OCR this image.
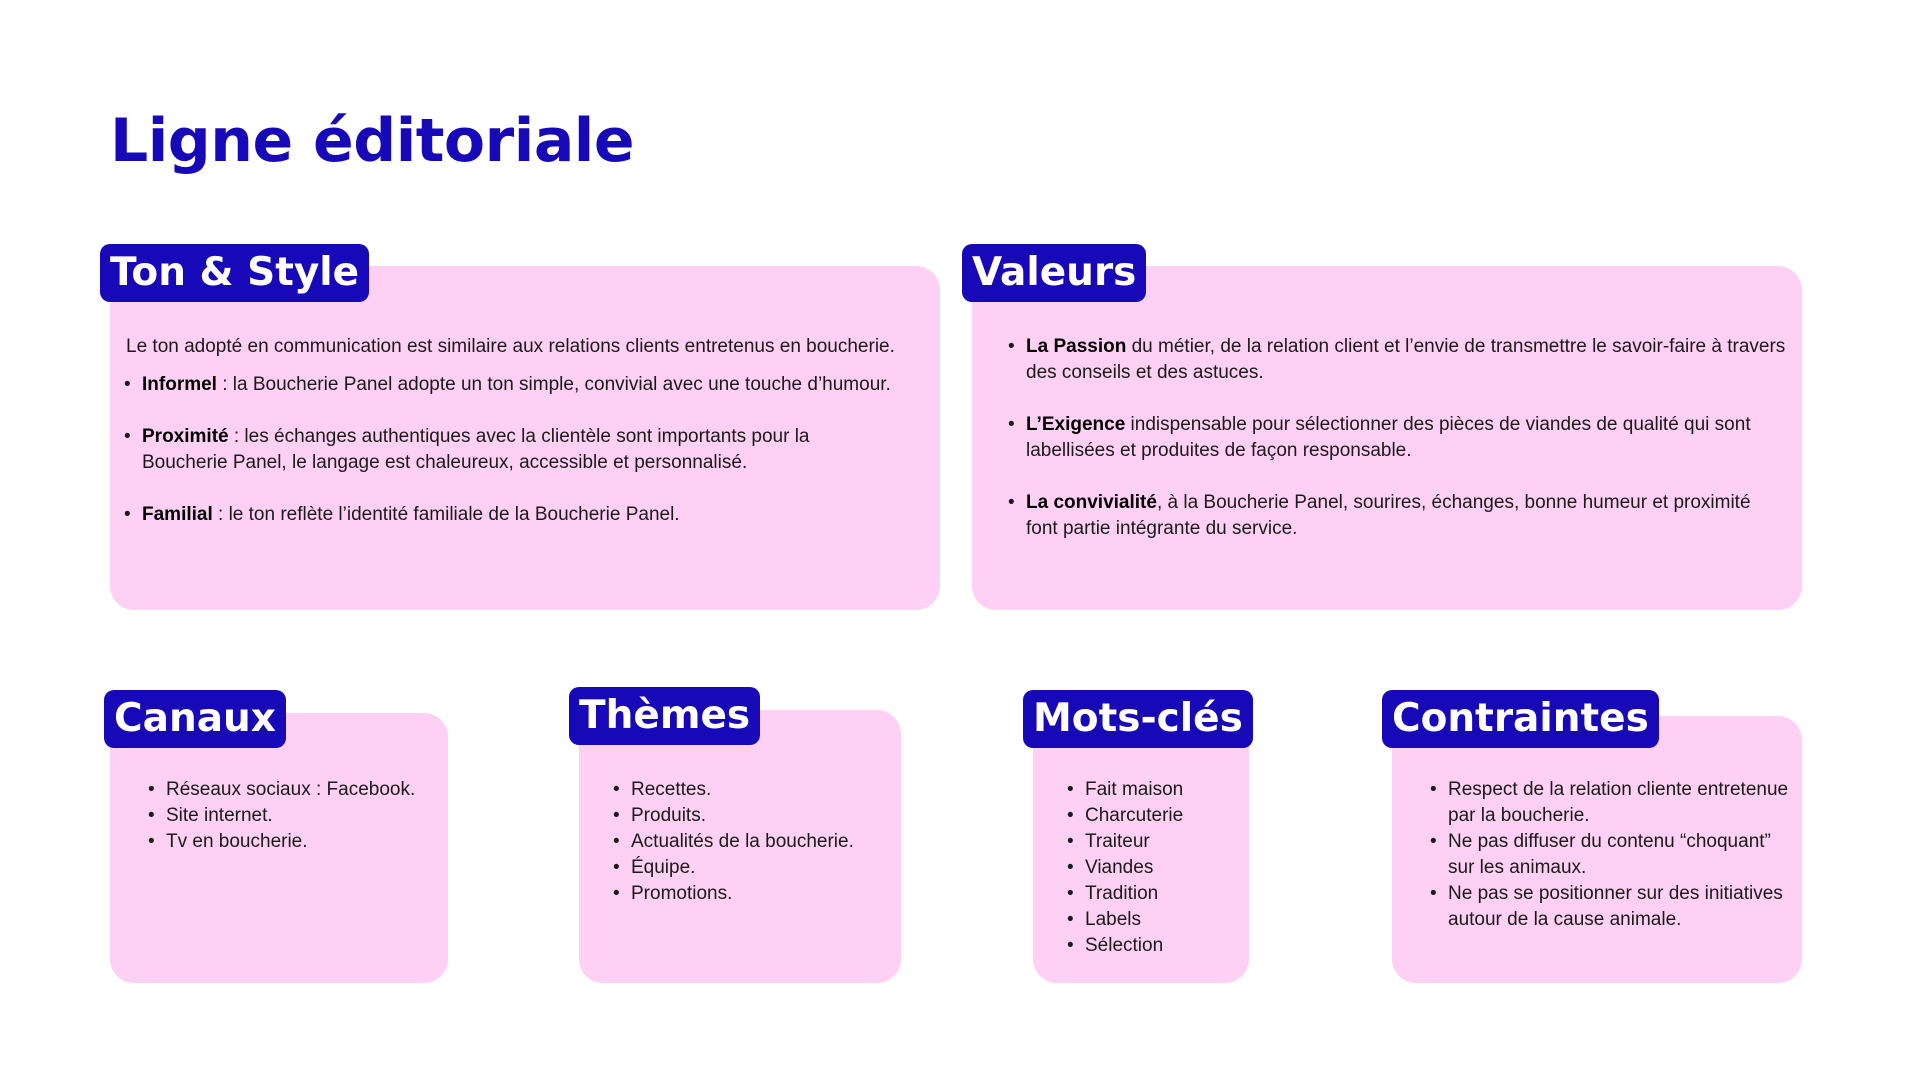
Ligne éditoriale

Le ton adopté en communication est similaire aux relations clients entretenus en boucherie.

• Informel : la Boucherie Panel adopte un ton simple, convivial avec une touche d’humour.
• Proximité : les échanges authentiques avec la clientèle sont importants pour la Boucherie Panel, le langage est chaleureux, accessible et personnalisé.
• Familial : le ton reflète l’identité familiale de la Boucherie Panel.
Ton & Style
• La Passion du métier, de la relation client et l’envie de transmettre le savoir-faire à travers des conseils et des astuces.
• L’Exigence indispensable pour sélectionner des pièces de viandes de qualité qui sont labellisées et produites de façon responsable.
• La convivialité, à la Boucherie Panel, sourires, échanges, bonne humeur et proximité font partie intégrante du service.
Valeurs
• Réseaux sociaux : Facebook.
• Site internet.
• Tv en boucherie.
Canaux
• Recettes.
• Produits.
• Actualités de la boucherie.
• Équipe.
• Promotions.
Thèmes
• Fait maison
• Charcuterie
• Traiteur
• Viandes
• Tradition
• Labels
• Sélection
Mots-clés
• Respect de la relation cliente entretenue par la boucherie.
• Ne pas diffuser du contenu “choquant” sur les animaux.
• Ne pas se positionner sur des initiatives autour de la cause animale.
Contraintes
